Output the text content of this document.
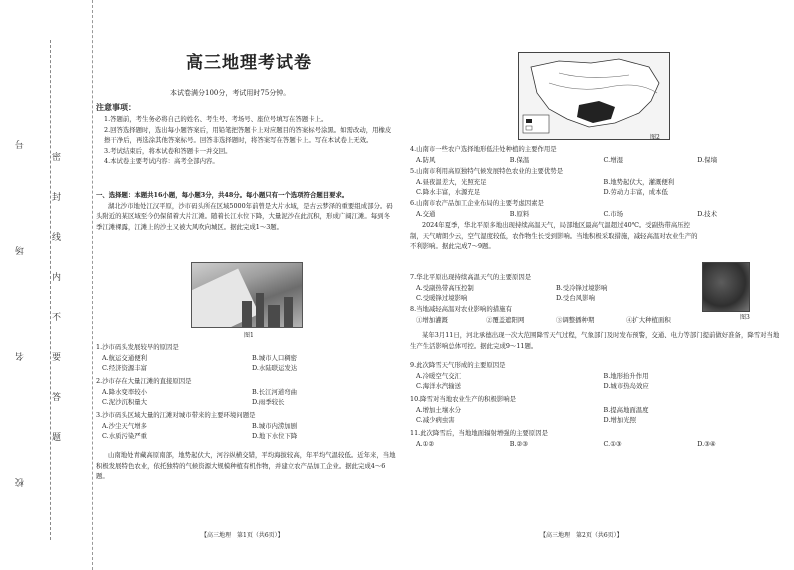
号
场
名
校
密
封
线
内
不
要
答
题
高三地理考试卷
本试卷满分100分，考试用时75分钟。
注意事项：

1.答题前，考生务必将自己的姓名、考生号、考场号、座位号填写在答题卡上。

2.回答选择题时，选出每小题答案后，用铅笔把答题卡上对应题目的答案标号涂黑。如需改动，用橡皮擦干净后，再选涂其他答案标号。回答非选择题时，将答案写在答题卡上。写在本试卷上无效。

3.考试结束后，将本试卷和答题卡一并交回。

4.本试卷主要考试内容：高考全部内容。

一、选择题：本题共16小题，每小题3分，共48分。每小题只有一个选项符合题目要求。

湖北沙市地处江汉平原，沙市码头所在区域5000年前曾是大片水域，是古云梦泽的重要组成部分。码头附近的某区域至今仍保留着大片江滩。随着长江水位下降，大量泥沙在此沉积，形成广阔江滩。每到冬季江滩裸露，江滩上的沙土又被大风吹向城区。据此完成1～3题。

图1

1.沙市码头发展较早的原因是

A.航运交通便利	B.城市人口稠密
C.经济资源丰富	D.水陆联运发达

2.沙市存在大量江滩的直接原因是

A.降水变率较小	B.长江河道弯曲
C.泥沙沉积量大	D.雨季较长

3.沙市码头区域大量的江滩对城市带来的主要环境问题是

A.沙尘天气增多	B.城市内涝加剧
C.水质污染严重	D.地下水位下降

山南地处青藏高原南部，地势起伏大，河谷纵横交错，平均海拔较高，年平均气温较低。近年来，当地积极发展特色农业，依托独特的气候资源大规模种植有机作物，并建立农产品加工企业。据此完成4～6题。

【高三地理　第1页（共6页）】
图2

4.山南市一些农户选择地形低洼处种植的主要作用是

A.防风	B.保温	C.增湿	D.保墒

5.山南市利用高原独特气候发展特色农业的主要优势是

A.昼夜温差大，光照充足	B.地势起伏大，灌溉便利
C.降水丰富，水源充足	D.劳动力丰富，成本低

6.山南市农产品加工企业布局的主要考虑因素是

A.交通	B.原料	C.市场	D.技术

2024年夏季，华北平原多地出现持续高温天气，局部地区最高气温超过40℃。受副热带高压控制，天气晴朗少云，空气湿度较低，农作物生长受到影响。当地积极采取措施，减轻高温对农业生产的不利影响。据此完成7～9题。

图3

7.华北平原出现持续高温天气的主要原因是

A.受副热带高压控制	B.受冷锋过境影响
C.受暖锋过境影响	D.受台风影响

8.当地减轻高温对农业影响的措施有

①增加灌溉	②覆盖遮阳网	③调整播种期	④扩大种植面积

某年3月11日，河北承德出现一次大范围降雪天气过程，气象部门及时发布预警，交通、电力等部门提前做好准备，降雪对当地生产生活影响总体可控。据此完成9～11题。

9.此次降雪天气形成的主要原因是

A.冷暖空气交汇	B.地形抬升作用
C.海洋水汽输送	D.城市热岛效应

10.降雪对当地农业生产的积极影响是

A.增加土壤水分	B.提高地面温度
C.减少病虫害	D.增加光照

11.此次降雪后，当地地面辐射增强的主要原因是

A.①②	B.②③	C.①③	D.③④
【高三地理　第2页（共6页）】
